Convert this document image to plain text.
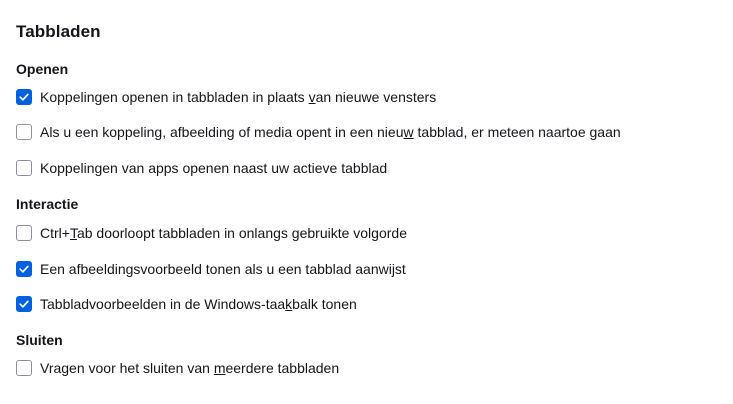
Tabbladen
Openen
Koppelingen openen in tabbladen in plaats van nieuwe vensters
Als u een koppeling, afbeelding of media opent in een nieuw tabblad, er meteen naartoe gaan
Koppelingen van apps openen naast uw actieve tabblad
Interactie
Ctrl+Tab doorloopt tabbladen in onlangs gebruikte volgorde
Een afbeeldingsvoorbeeld tonen als u een tabblad aanwijst
Tabbladvoorbeelden in de Windows-taakbalk tonen
Sluiten
Vragen voor het sluiten van meerdere tabbladen
